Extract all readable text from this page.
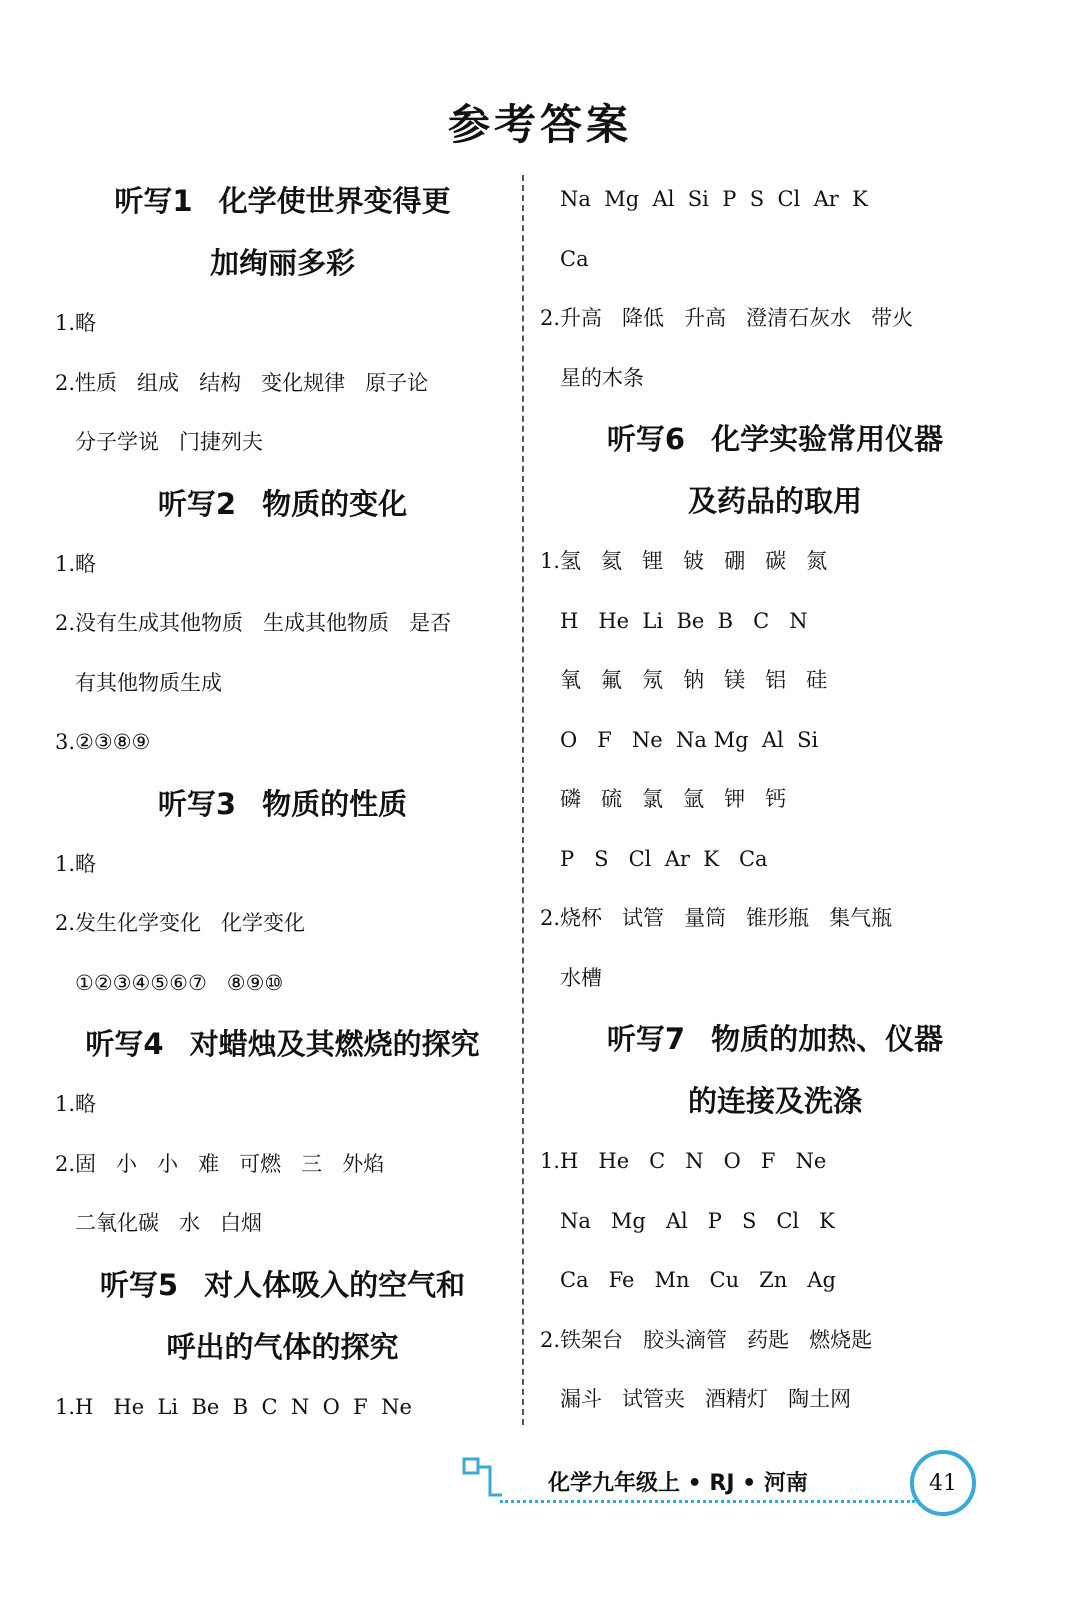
参考答案
听写1 化学使世界变得更
加绚丽多彩
1.略
2.性质   组成   结构   变化规律   原子论
分子学说   门捷列夫
听写2 物质的变化
1.略
2.没有生成其他物质   生成其他物质   是否
有其他物质生成
3.②③⑧⑨
听写3 物质的性质
1.略
2.发生化学变化   化学变化
①②③④⑤⑥⑦   ⑧⑨⑩
听写4 对蜡烛及其燃烧的探究
1.略
2.固   小   小   难   可燃   三   外焰
二氧化碳   水   白烟
听写5 对人体吸入的空气和
呼出的气体的探究
1.H   He  Li  Be  B  C  N  O  F  Ne
Na  Mg  Al  Si  P  S  Cl  Ar  K
Ca
2.升高   降低   升高   澄清石灰水   带火
星的木条
听写6 化学实验常用仪器
及药品的取用
1.氢   氦   锂   铍   硼   碳   氮
H   He  Li  Be  B   C   N
氧   氟   氖   钠   镁   铝   硅
O   F   Ne  Na Mg  Al  Si
磷   硫   氯   氩   钾   钙
P   S   Cl  Ar  K   Ca
2.烧杯   试管   量筒   锥形瓶   集气瓶
水槽
听写7 物质的加热、仪器
的连接及洗涤
1.H   He   C   N   O   F   Ne
Na   Mg   Al   P   S   Cl   K
Ca   Fe   Mn   Cu   Zn   Ag
2.铁架台   胶头滴管   药匙   燃烧匙
漏斗   试管夹   酒精灯   陶土网
化学九年级上 • RJ • 河南	41
